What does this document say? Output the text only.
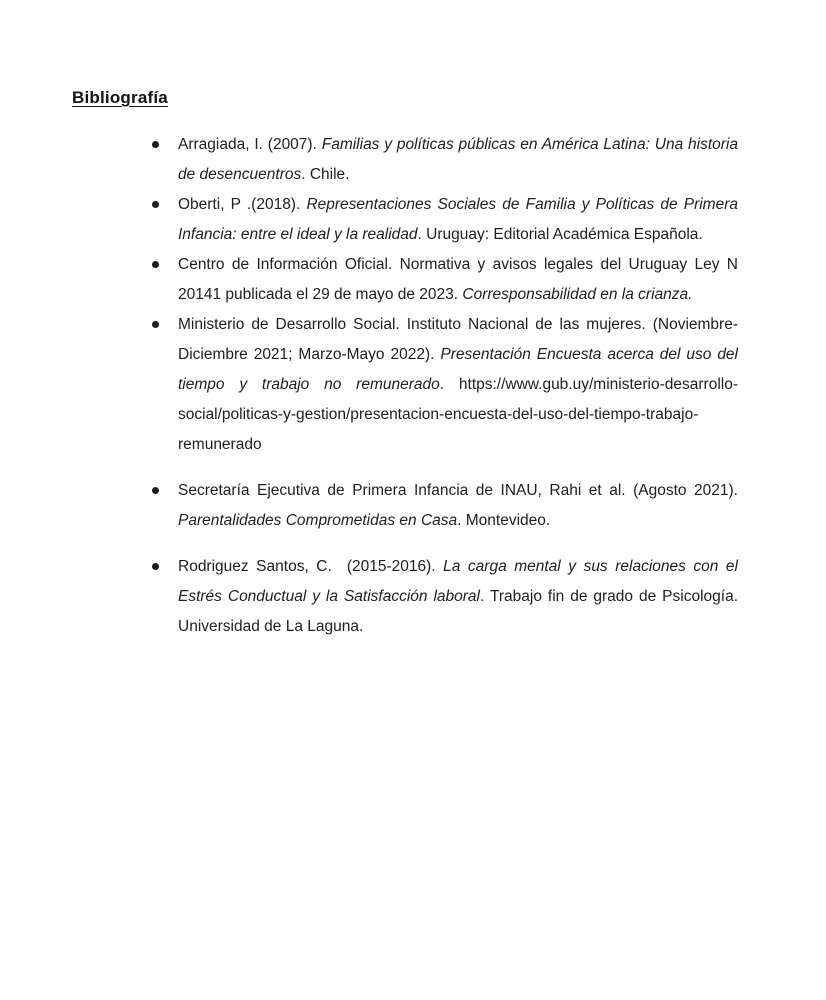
Bibliografía
Arragiada, I. (2007). Familias y políticas públicas en América Latina: Una historia de desencuentros. Chile.
Oberti, P .(2018). Representaciones Sociales de Familia y Políticas de Primera Infancia: entre el ideal y la realidad. Uruguay: Editorial Académica Española.
Centro de Información Oficial. Normativa y avisos legales del Uruguay Ley N 20141 publicada el 29 de mayo de 2023. Corresponsabilidad en la crianza.
Ministerio de Desarrollo Social. Instituto Nacional de las mujeres. (Noviembre-Diciembre 2021; Marzo-Mayo 2022). Presentación Encuesta acerca del uso del tiempo y trabajo no remunerado. https://www.gub.uy/ministerio-desarrollo-social/politicas-y-gestion/presentacion-encuesta-del-uso-del-tiempo-trabajo-remunerado
Secretaría Ejecutiva de Primera Infancia de INAU, Rahi et al. (Agosto 2021).  Parentalidades Comprometidas en Casa. Montevideo.
Rodriguez Santos, C.  (2015-2016). La carga mental y sus relaciones con el Estrés Conductual y la Satisfacción laboral. Trabajo fin de grado de Psicología. Universidad de La Laguna.
